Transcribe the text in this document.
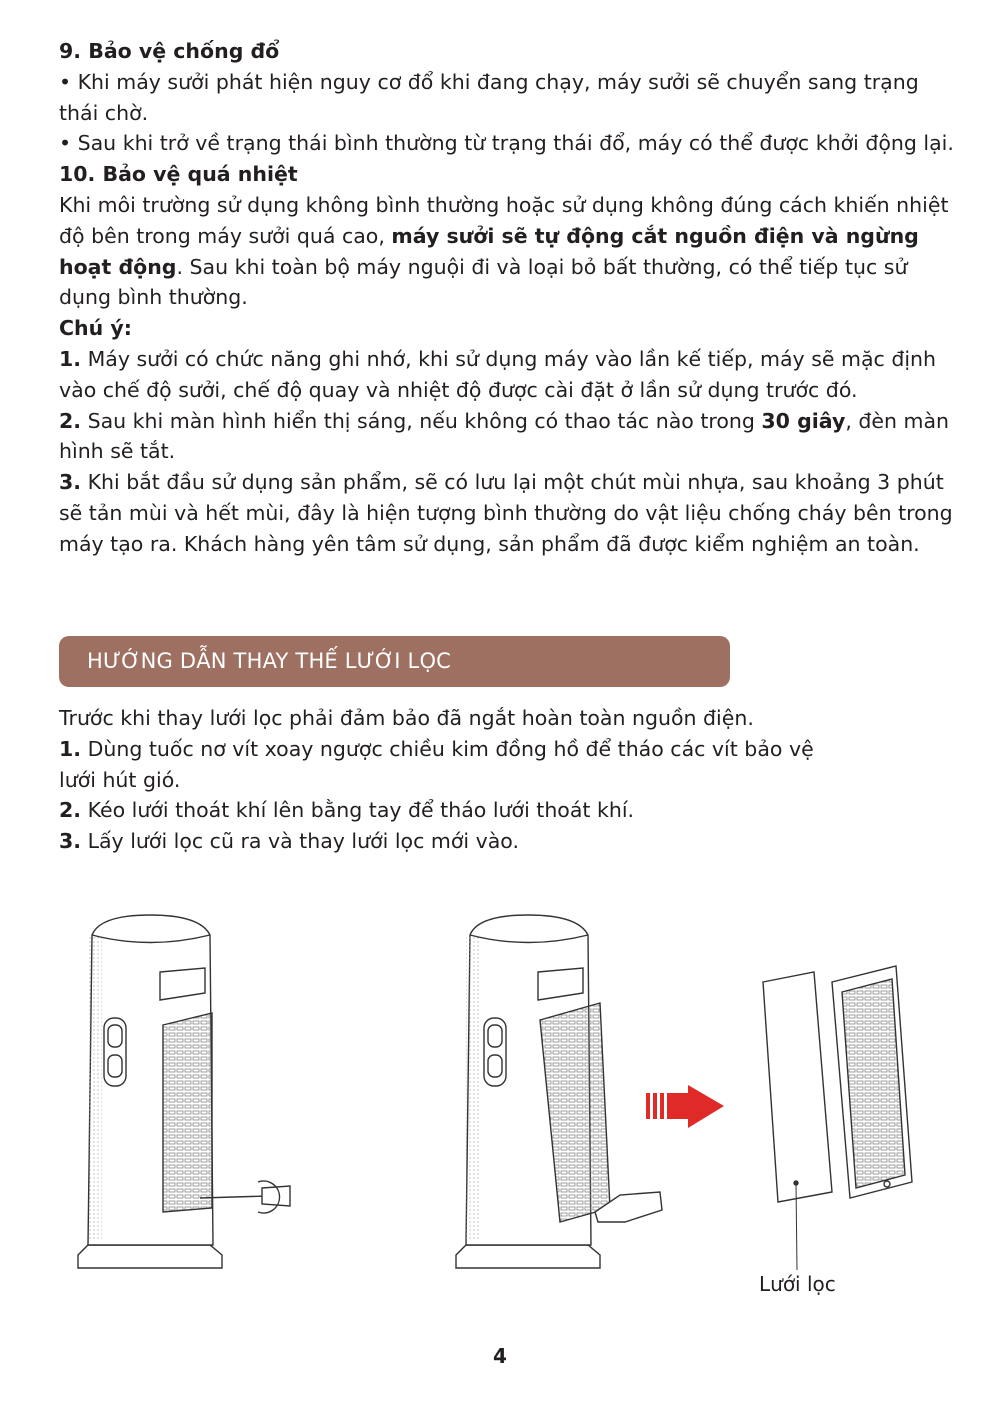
9. Bảo vệ chống đổ

• Khi máy sưởi phát hiện nguy cơ đổ khi đang chạy, máy sưởi sẽ chuyển sang trạng thái chờ.

• Sau khi trở về trạng thái bình thường từ trạng thái đổ, máy có thể được khởi động lại.

10. Bảo vệ quá nhiệt

Khi môi trường sử dụng không bình thường hoặc sử dụng không đúng cách khiến nhiệt độ bên trong máy sưởi quá cao, máy sưởi sẽ tự động cắt nguồn điện và ngừng hoạt động. Sau khi toàn bộ máy nguội đi và loại bỏ bất thường, có thể tiếp tục sử dụng bình thường.

Chú ý:

1. Máy sưởi có chức năng ghi nhớ, khi sử dụng máy vào lần kế tiếp, máy sẽ mặc định vào chế độ sưởi, chế độ quay và nhiệt độ được cài đặt ở lần sử dụng trước đó.

2. Sau khi màn hình hiển thị sáng, nếu không có thao tác nào trong 30 giây, đèn màn hình sẽ tắt.

3. Khi bắt đầu sử dụng sản phẩm, sẽ có lưu lại một chút mùi nhựa, sau khoảng 3 phút sẽ tản mùi và hết mùi, đây là hiện tượng bình thường do vật liệu chống cháy bên trong máy tạo ra. Khách hàng yên tâm sử dụng, sản phẩm đã được kiểm nghiệm an toàn.

HƯỚNG DẪN THAY THẾ LƯỚI LỌC

Trước khi thay lưới lọc phải đảm bảo đã ngắt hoàn toàn nguồn điện.

1. Dùng tuốc nơ vít xoay ngược chiều kim đồng hồ để tháo các vít bảo vệ

lưới hút gió.

2. Kéo lưới thoát khí lên bằng tay để tháo lưới thoát khí.

3. Lấy lưới lọc cũ ra và thay lưới lọc mới vào.

Lưới lọc
4
